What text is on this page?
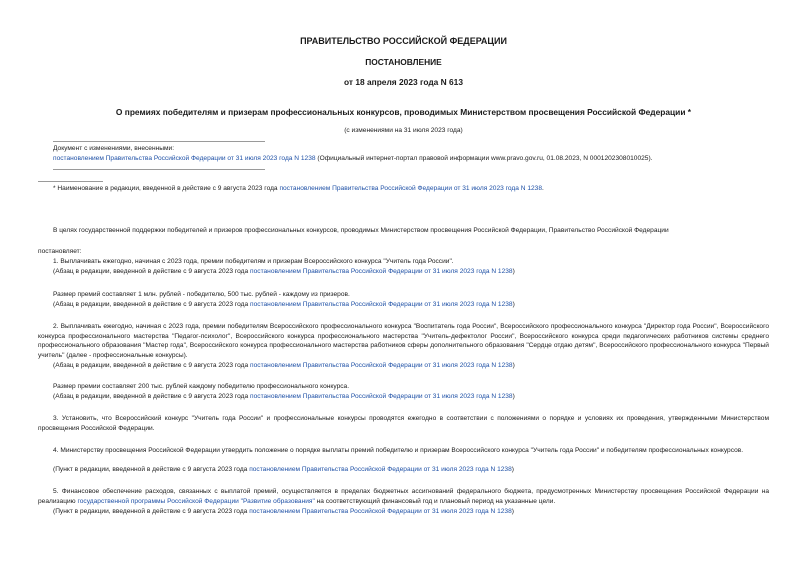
ПРАВИТЕЛЬСТВО РОССИЙСКОЙ ФЕДЕРАЦИИ
ПОСТАНОВЛЕНИЕ
от 18 апреля 2023 года N 613
О премиях победителям и призерам профессиональных конкурсов, проводимых Министерством просвещения Российской Федерации *
(с изменениями на 31 июля 2023 года)
Документ с изменениями, внесенными:
постановлением Правительства Российской Федерации от 31 июля 2023 года N 1238 (Официальный интернет-портал правовой информации www.pravo.gov.ru, 01.08.2023, N 0001202308010025).
* Наименование в редакции, введенной в действие с 9 августа 2023 года постановлением Правительства Российской Федерации от 31 июля 2023 года N 1238.
В целях государственной поддержки победителей и призеров профессиональных конкурсов, проводимых Министерством просвещения Российской Федерации, Правительство Российской Федерации
постановляет:
1. Выплачивать ежегодно, начиная с 2023 года, премии победителям и призерам Всероссийского конкурса "Учитель года России".
(Абзац в редакции, введенной в действие с 9 августа 2023 года постановлением Правительства Российской Федерации от 31 июля 2023 года N 1238)
Размер премий составляет 1 млн. рублей - победителю, 500 тыс. рублей - каждому из призеров.
(Абзац в редакции, введенной в действие с 9 августа 2023 года постановлением Правительства Российской Федерации от 31 июля 2023 года N 1238)
2. Выплачивать ежегодно, начиная с 2023 года, премии победителям Всероссийского профессионального конкурса "Воспитатель года России", Всероссийского профессионального конкурса "Директор года России", Всероссийского конкурса профессионального мастерства "Педагог-психолог", Всероссийского конкурса профессионального мастерства "Учитель-дефектолог России", Всероссийского конкурса среди педагогических работников системы среднего профессионального образования "Мастер года", Всероссийского конкурса профессионального мастерства работников сферы дополнительного образования "Сердце отдаю детям", Всероссийского профессионального конкурса "Первый учитель" (далее - профессиональные конкурсы).
(Абзац в редакции, введенной в действие с 9 августа 2023 года постановлением Правительства Российской Федерации от 31 июля 2023 года N 1238)
Размер премии составляет 200 тыс. рублей каждому победителю профессионального конкурса.
(Абзац в редакции, введенной в действие с 9 августа 2023 года постановлением Правительства Российской Федерации от 31 июля 2023 года N 1238)
3. Установить, что Всероссийский конкурс "Учитель года России" и профессиональные конкурсы проводятся ежегодно в соответствии с положениями о порядке и условиях их проведения, утвержденными Министерством просвещения Российской Федерации.
4. Министерству просвещения Российской Федерации утвердить положение о порядке выплаты премий победителю и призерам Всероссийского конкурса "Учитель года России" и победителям профессиональных конкурсов.
(Пункт в редакции, введенной в действие с 9 августа 2023 года постановлением Правительства Российской Федерации от 31 июля 2023 года N 1238)
5. Финансовое обеспечение расходов, связанных с выплатой премий, осуществляется в пределах бюджетных ассигнований федерального бюджета, предусмотренных Министерству просвещения Российской Федерации на реализацию государственной программы Российской Федерации "Развитие образования" на соответствующий финансовый год и плановый период на указанные цели.
(Пункт в редакции, введенной в действие с 9 августа 2023 года постановлением Правительства Российской Федерации от 31 июля 2023 года N 1238)
